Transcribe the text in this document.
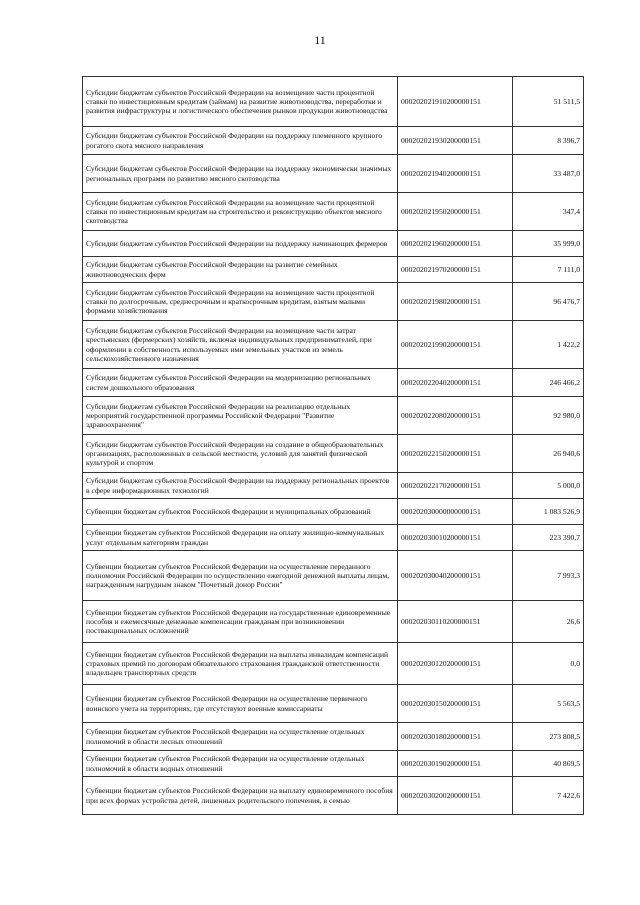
11
Субсидии бюджетам субъектов Российской Федерации на возмещение части процентной ставки по инвестиционным кредитам (займам) на развитие животноводства, переработки и развития инфраструктуры и логистического обеспечения рынков продукции животноводства	000202021910200000151	51 511,5
Субсидии бюджетам субъектов Российской Федерации на поддержку племенного крупного рогатого скота мясного направления	000202021930200000151	8 396,7
Субсидии бюджетам субъектов Российской Федерации на поддержку экономически значимых региональных программ по развитию мясного скотоводства	000202021940200000151	33 487,0
Субсидии бюджетам субъектов Российской Федерации на возмещение части процентной ставки по инвестиционным кредитам на строительство и реконструкцию объектов мясного скотоводства	000202021950200000151	347,4
Субсидии бюджетам субъектов Российской Федерации на поддержку начинающих фермеров	000202021960200000151	35 999,0
Субсидии бюджетам субъектов Российской Федерации на развитие семейных животноводческих ферм	000202021970200000151	7 111,0
Субсидии бюджетам субъектов Российской Федерации на возмещение части процентной ставки по долгосрочным, среднесрочным и краткосрочным кредитам, взятым малыми формами хозяйствования	000202021980200000151	96 476,7
Субсидии бюджетам субъектов Российской Федерации на возмещение части затрат крестьянских (фермерских) хозяйств, включая индивидуальных предпринимателей, при оформлении в собственность используемых ими земельных участков из земель сельскохозяйственного назначения	000202021990200000151	1 422,2
Субсидии бюджетам субъектов Российской Федерации на модернизацию региональных систем дошкольного образования	000202022040200000151	246 466,2
Субсидии бюджетам субъектов Российской Федерации на реализацию отдельных мероприятий государственной программы Российской Федерации "Развитие здравоохранения"	000202022080200000151	92 980,0
Субсидии бюджетам субъектов Российской Федерации на создание в общеобразовательных организациях, расположенных в сельской местности, условий для занятий физической культурой и спортом	000202022150200000151	26 940,6
Субсидии бюджетам субъектов Российской Федерации на поддержку региональных проектов в сфере информационных технологий	000202022170200000151	5 000,0
Субвенции бюджетам субъектов Российской Федерации и муниципальных образований	000202030000000000151	1 083 526,9
Субвенции бюджетам субъектов Российской Федерации на оплату жилищно-коммунальных услуг отдельным категориям граждан	000202030010200000151	223 390,7
Субвенции бюджетам субъектов Российской Федерации на осуществление переданного полномочия Российской Федерации по осуществлению ежегодной денежной выплаты лицам, награжденным нагрудным знаком "Почетный донор России"	000202030040200000151	7 993,3
Субвенции бюджетам субъектов Российской Федерации на государственные единовременные пособия и ежемесячные денежные компенсации гражданам при возникновении поствакцинальных осложнений	000202030110200000151	26,6
Субвенции бюджетам субъектов Российской Федерации на выплаты инвалидам компенсаций страховых премий по договорам обязательного страхования гражданской ответственности владельцев транспортных средств	000202030120200000151	0,0
Субвенции бюджетам субъектов Российской Федерации на осуществление первичного воинского учета на территориях, где отсутствуют военные комиссариаты	000202030150200000151	5 563,5
Субвенции бюджетам субъектов Российской Федерации на осуществление отдельных полномочий в области лесных отношений	000202030180200000151	273 808,5
Субвенции бюджетам субъектов Российской Федерации на осуществление отдельных полномочий в области водных отношений	000202030190200000151	40 869,5
Субвенции бюджетам субъектов Российской Федерации на выплату единовременного пособия при всех формах устройства детей, лишенных родительского попечения, в семью	000202030200200000151	7 422,6
